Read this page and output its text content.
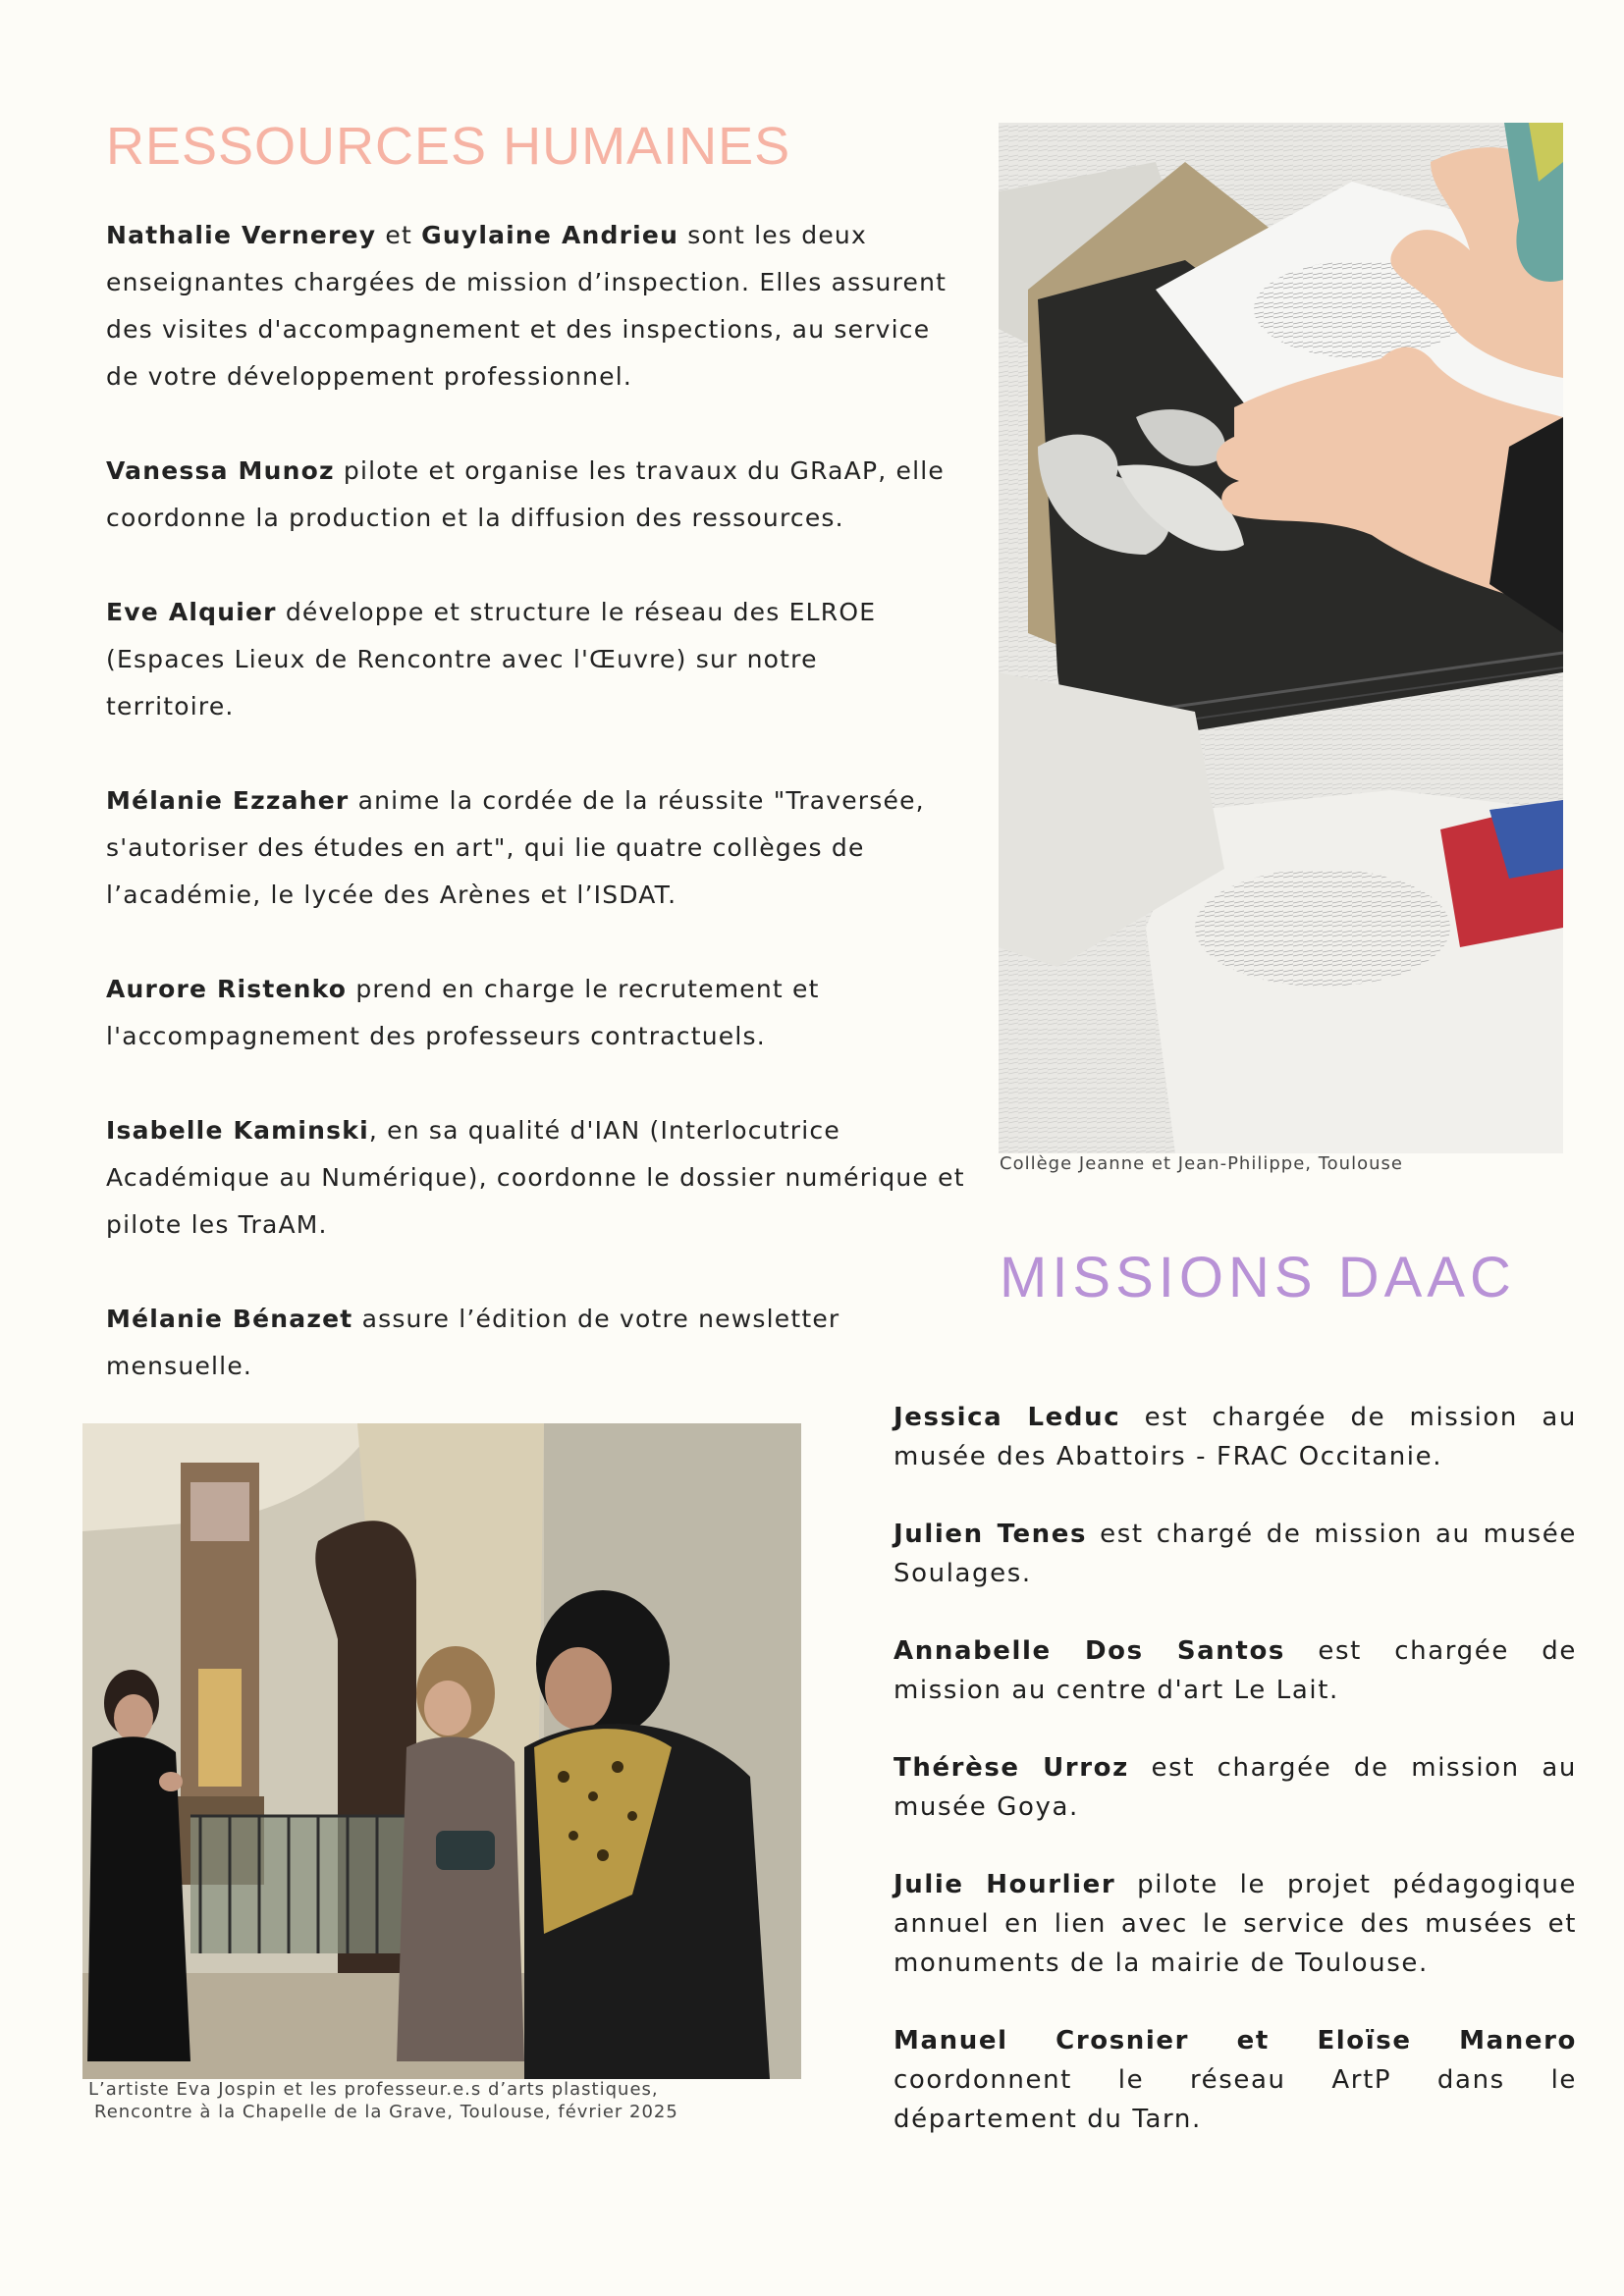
RESSOURCES HUMAINES

Nathalie Vernerey et Guylaine Andrieu sont les deux enseignantes chargées de mission d’inspection. Elles assurent des visites d'accompagnement et des inspections, au service de votre développement professionnel.

Vanessa Munoz pilote et organise les travaux du GRaAP, elle coordonne la production et la diffusion des ressources.

Eve Alquier développe et structure le réseau des ELROE (Espaces Lieux de Rencontre avec l'Œuvre) sur notre territoire.

Mélanie Ezzaher anime la cordée de la réussite "Traversée, s'autoriser des études en art", qui lie quatre collèges de l’académie, le lycée des Arènes et l’ISDAT.

Aurore Ristenko prend en charge le recrutement et l'accompagnement des professeurs contractuels.

Isabelle Kaminski, en sa qualité d'IAN (Interlocutrice Académique au Numérique), coordonne le dossier numérique et pilote les TraAM.

Mélanie Bénazet assure l’édition de votre newsletter mensuelle.

Collège Jeanne et Jean-Philippe, Toulouse
MISSIONS DAAC
L’artiste Eva Jospin et les professeur.e.s d’arts plastiques,
Rencontre à la Chapelle de la Grave, Toulouse, février 2025

Jessica Leduc est chargée de mission au musée des Abattoirs - FRAC Occitanie.

Julien Tenes est chargé de mission au musée Soulages.

Annabelle Dos Santos est chargée de mission au centre d'art Le Lait.

Thérèse Urroz est chargée de mission au musée Goya.

Julie Hourlier pilote le projet pédagogique annuel en lien avec le service des musées et monuments de la mairie de Toulouse.

Manuel Crosnier et Eloïse Manero coordonnent le réseau ArtP dans le département du Tarn.
